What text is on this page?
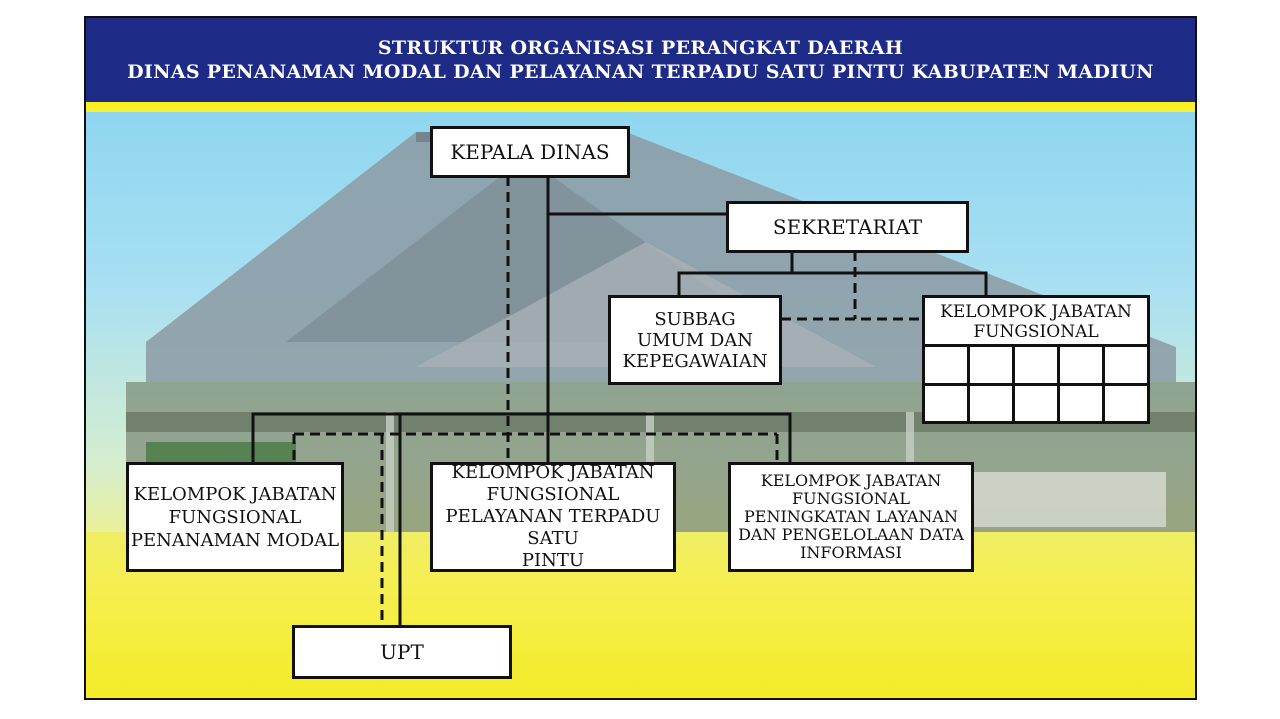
STRUKTUR ORGANISASI PERANGKAT DAERAH
DINAS PENANAMAN MODAL DAN PELAYANAN TERPADU SATU PINTU KABUPATEN MADIUN
KEPALA DINAS
SEKRETARIAT
SUBBAG
UMUM DAN
KEPEGAWAIAN
KELOMPOK JABATAN
FUNGSIONAL
KELOMPOK JABATAN
FUNGSIONAL
PENANAMAN MODAL
KELOMPOK JABATAN
FUNGSIONAL
PELAYANAN TERPADU SATU
PINTU
KELOMPOK JABATAN
FUNGSIONAL
PENINGKATAN LAYANAN
DAN PENGELOLAAN DATA
INFORMASI
UPT
